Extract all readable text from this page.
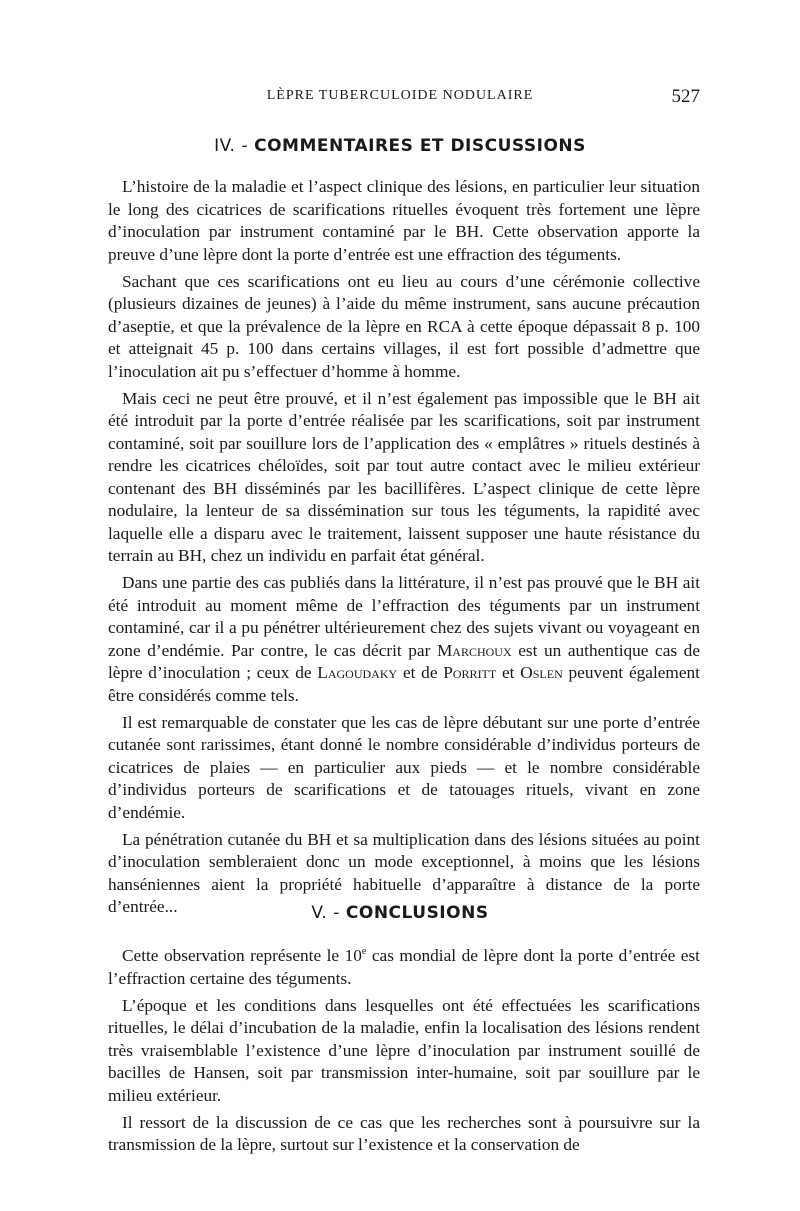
LÈPRE TUBERCULOIDE NODULAIRE	527
IV. - COMMENTAIRES ET DISCUSSIONS

L’histoire de la maladie et l’aspect clinique des lésions, en particulier leur situation le long des cicatrices de scarifications rituelles évoquent très fortement une lèpre d’inoculation par instrument contaminé par le BH. Cette observation apporte la preuve d’une lèpre dont la porte d’entrée est une effraction des téguments.

Sachant que ces scarifications ont eu lieu au cours d’une cérémonie collective (plusieurs dizaines de jeunes) à l’aide du même instrument, sans aucune précaution d’aseptie, et que la prévalence de la lèpre en RCA à cette époque dépassait 8 p. 100 et atteignait 45 p. 100 dans certains villages, il est fort possible d’admettre que l’inoculation ait pu s’effectuer d’homme à homme.

Mais ceci ne peut être prouvé, et il n’est également pas impossible que le BH ait été introduit par la porte d’entrée réalisée par les scarifications, soit par instrument contaminé, soit par souillure lors de l’application des « emplâtres » rituels destinés à rendre les cicatrices chéloïdes, soit par tout autre contact avec le milieu extérieur contenant des BH disséminés par les bacillifères. L’aspect clinique de cette lèpre nodulaire, la lenteur de sa dissémination sur tous les téguments, la rapidité avec laquelle elle a disparu avec le traitement, laissent supposer une haute résistance du terrain au BH, chez un individu en parfait état général.

Dans une partie des cas publiés dans la littérature, il n’est pas prouvé que le BH ait été introduit au moment même de l’effraction des téguments par un instrument contaminé, car il a pu pénétrer ultérieurement chez des sujets vivant ou voyageant en zone d’endémie. Par contre, le cas décrit par Marchoux est un authentique cas de lèpre d’inoculation ; ceux de Lagoudaky et de Porritt et Oslen peuvent également être considérés comme tels.

Il est remarquable de constater que les cas de lèpre débutant sur une porte d’entrée cutanée sont rarissimes, étant donné le nombre considérable d’individus porteurs de cicatrices de plaies — en particulier aux pieds — et le nombre considérable d’individus porteurs de scarifications et de tatouages rituels, vivant en zone d’endémie.

La pénétration cutanée du BH et sa multiplication dans des lésions situées au point d’inoculation sembleraient donc un mode exceptionnel, à moins que les lésions hanséniennes aient la propriété habituelle d’apparaître à distance de la porte d’entrée...	V. - CONCLUSIONS

Cette observation représente le 10e cas mondial de lèpre dont la porte d’entrée est l’effraction certaine des téguments.

L’époque et les conditions dans lesquelles ont été effectuées les scarifications rituelles, le délai d’incubation de la maladie, enfin la localisation des lésions rendent très vraisemblable l’existence d’une lèpre d’inoculation par instrument souillé de bacilles de Hansen, soit par transmission inter-humaine, soit par souillure par le milieu extérieur.

Il ressort de la discussion de ce cas que les recherches sont à poursuivre sur la transmission de la lèpre, surtout sur l’existence et la conservation de
